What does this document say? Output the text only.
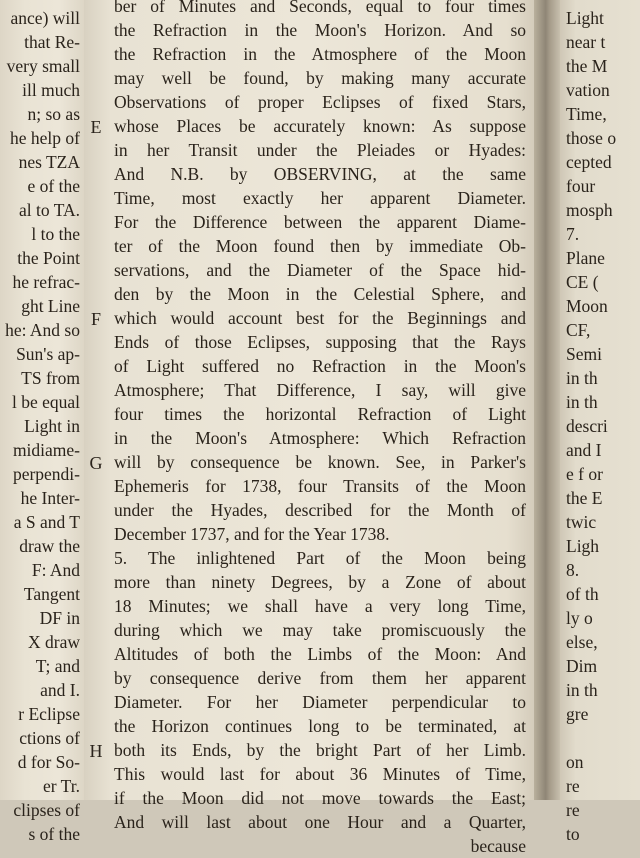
ance) will
that Re-
very small
ill much
n; so as
he help of
nes TZA
e of the
al to TA.
l to the
the Point
he refrac-
ght Line
he: And so
Sun's ap-
TS from
l be equal
Light in
midiame-
perpendi-
he Inter-
a S and T
draw the
F: And
Tangent
DF in
X draw
T; and
and I.
r Eclipse
ctions of
d for So-
er Tr.
clipses of
s of the
ber of Minutes and Seconds, equal to four times
the Refraction in the Moon's Horizon. And so
the Refraction in the Atmosphere of the Moon
may well be found, by making many accurate
Observations of proper Eclipses of fixed Stars,
whose Places be accurately known: As suppose
in her Transit under the Pleiades or Hyades:
And N.B. by OBSERVING, at the same
Time, most exactly her apparent Diameter.
For the Difference between the apparent Diame-
ter of the Moon found then by immediate Ob-
servations, and the Diameter of the Space hid-
den by the Moon in the Celestial Sphere, and
which would account best for the Beginnings and
Ends of those Eclipses, supposing that the Rays
of Light suffered no Refraction in the Moon's
Atmosphere; That Difference, I say, will give
four times the horizontal Refraction of Light
in the Moon's Atmosphere: Which Refraction
will by consequence be known. See, in Parker's
Ephemeris for 1738, four Transits of the Moon
under the Hyades, described for the Month of
December 1737, and for the Year 1738.
5. The inlightened Part of the Moon being
more than ninety Degrees, by a Zone of about
18 Minutes; we shall have a very long Time,
during which we may take promiscuously the
Altitudes of both the Limbs of the Moon: And
by consequence derive from them her apparent
Diameter. For her Diameter perpendicular to
the Horizon continues long to be terminated, at
both its Ends, by the bright Part of her Limb.
This would last for about 36 Minutes of Time,
if the Moon did not move towards the East;
And will last about one Hour and a Quarter,
because
E
F
G
H
Light
near t
the M
vation
Time,
those o
cepted
four
mosph
7.
Plane
CE (
Moon
CF,
Semi
in th
in th
descri
and I
e f or
the E
twic
Ligh
8.
of th
ly o
else,
Dim
in th
gre
on
re
re
to
